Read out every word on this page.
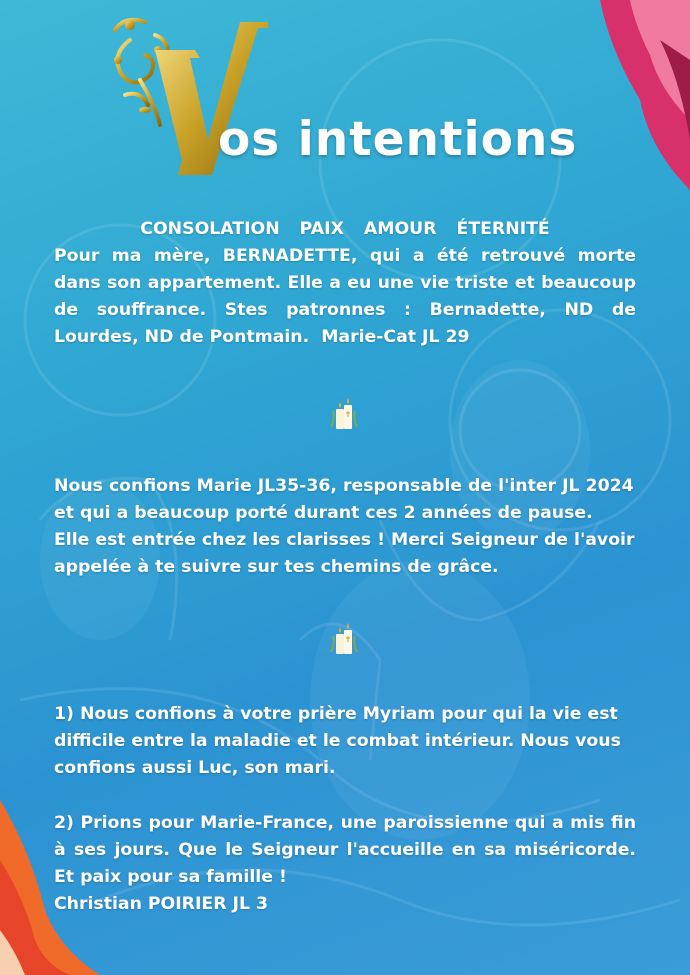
os intentions
CONSOLATION PAIX AMOUR ÉTERNITÉ
Pour ma mère, BERNADETTE, qui a été retrouvé morte dans son appartement. Elle a eu une vie triste et beaucoup de souffrance. Stes patronnes : Bernadette, ND de Lourdes, ND de Pontmain. Marie-Cat JL 29
Nous confions Marie JL35-36, responsable de l'inter JL 2024
et qui a beaucoup porté durant ces 2 années de pause.
Elle est entrée chez les clarisses ! Merci Seigneur de l'avoir
appelée à te suivre sur tes chemins de grâce.
1) Nous confions à votre prière Myriam pour qui la vie est
difficile entre la maladie et le combat intérieur. Nous vous
confions aussi Luc, son mari.
2) Prions pour Marie-France, une paroissienne qui a mis fin à ses jours. Que le Seigneur l'accueille en sa miséricorde. Et paix pour sa famille !
Christian POIRIER JL 3
